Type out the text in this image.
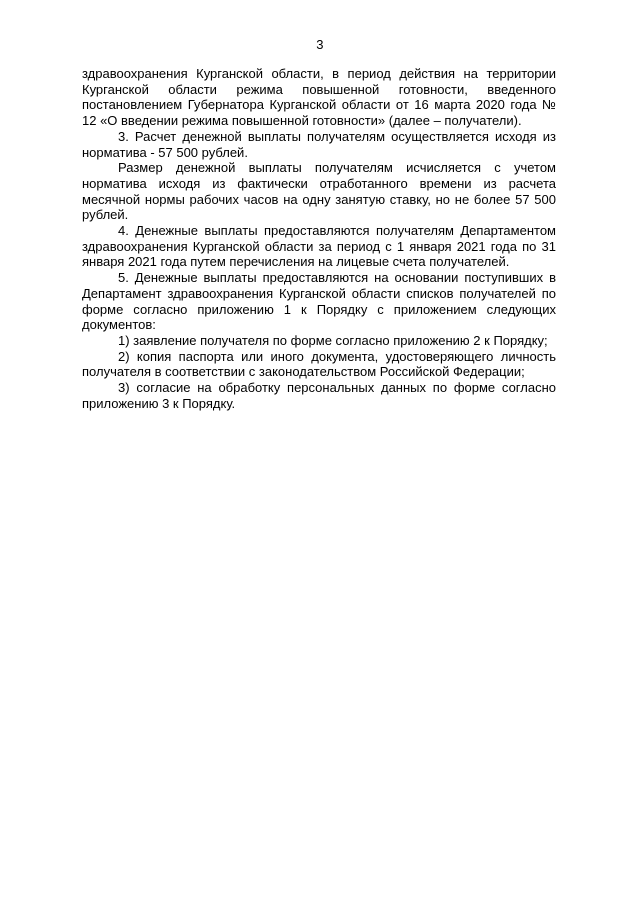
3

здравоохранения Курганской области, в период действия на территории Курганской области режима повышенной готовности, введенного постановлением Губернатора Курганской области от 16 марта 2020 года № 12 «О введении режима повышенной готовности» (далее – получатели).

3. Расчет денежной выплаты получателям осуществляется исходя из норматива - 57 500 рублей.

Размер денежной выплаты получателям исчисляется с учетом норматива исходя из фактически отработанного времени из расчета месячной нормы рабочих часов на одну занятую ставку, но не более 57 500 рублей.

4. Денежные выплаты предоставляются получателям Департаментом здравоохранения Курганской области за период с 1 января 2021 года по 31 января 2021 года путем перечисления на лицевые счета получателей.

5. Денежные выплаты предоставляются на основании поступивших в Департамент здравоохранения Курганской области списков получателей по форме согласно приложению 1 к Порядку с приложением следующих документов:

1) заявление получателя по форме согласно приложению 2 к Порядку;

2) копия паспорта или иного документа, удостоверяющего личность получателя в соответствии с законодательством Российской Федерации;

3) согласие на обработку персональных данных по форме согласно приложению 3 к Порядку.
